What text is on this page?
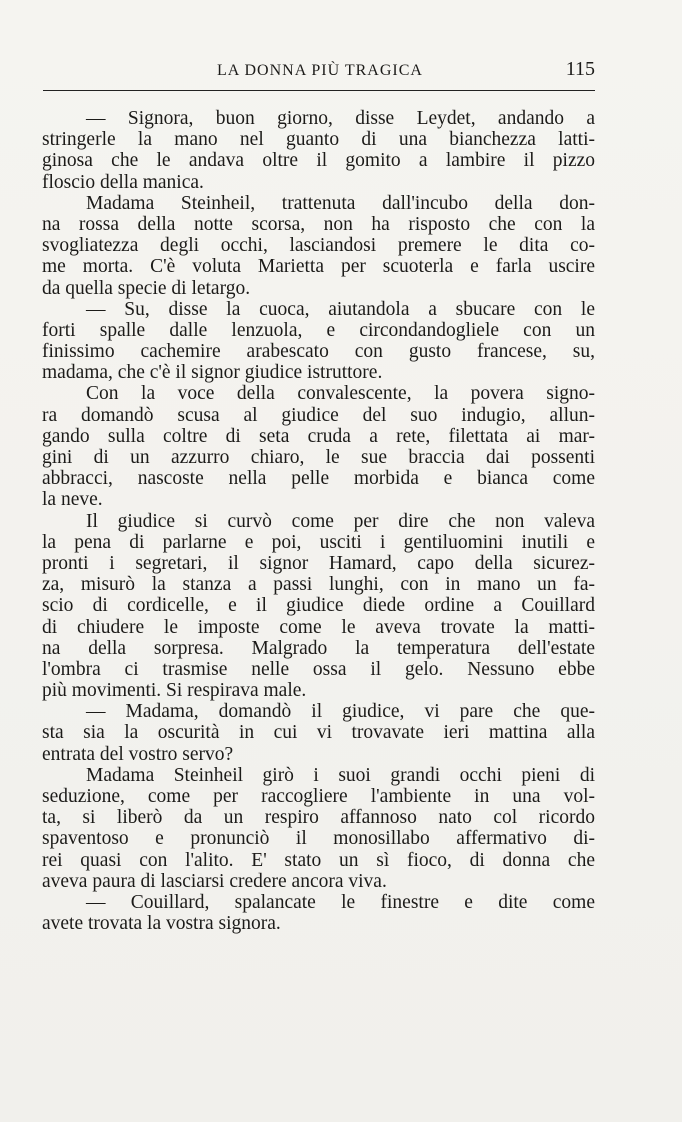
LA DONNA PIÙ TRAGICA	115
— Signora, buon giorno, disse Leydet, andando a
stringerle la mano nel guanto di una bianchezza latti-
ginosa che le andava oltre il gomito a lambire il pizzo
floscio della manica.
Madama Steinheil, trattenuta dall'incubo della don-
na rossa della notte scorsa, non ha risposto che con la
svogliatezza degli occhi, lasciandosi premere le dita co-
me morta. C'è voluta Marietta per scuoterla e farla uscire
da quella specie di letargo.
— Su, disse la cuoca, aiutandola a sbucare con le
forti spalle dalle lenzuola, e circondandogliele con un
finissimo cachemire arabescato con gusto francese, su,
madama, che c'è il signor giudice istruttore.
Con la voce della convalescente, la povera signo-
ra domandò scusa al giudice del suo indugio, allun-
gando sulla coltre di seta cruda a rete, filettata ai mar-
gini di un azzurro chiaro, le sue braccia dai possenti
abbracci, nascoste nella pelle morbida e bianca come
la neve.
Il giudice si curvò come per dire che non valeva
la pena di parlarne e poi, usciti i gentiluomini inutili e
pronti i segretari, il signor Hamard, capo della sicurez-
za, misurò la stanza a passi lunghi, con in mano un fa-
scio di cordicelle, e il giudice diede ordine a Couillard
di chiudere le imposte come le aveva trovate la matti-
na della sorpresa. Malgrado la temperatura dell'estate
l'ombra ci trasmise nelle ossa il gelo. Nessuno ebbe
più movimenti. Si respirava male.
— Madama, domandò il giudice, vi pare che que-
sta sia la oscurità in cui vi trovavate ieri mattina alla
entrata del vostro servo?
Madama Steinheil girò i suoi grandi occhi pieni di
seduzione, come per raccogliere l'ambiente in una vol-
ta, si liberò da un respiro affannoso nato col ricordo
spaventoso e pronunciò il monosillabo affermativo di-
rei quasi con l'alito. E' stato un sì fioco, di donna che
aveva paura di lasciarsi credere ancora viva.
— Couillard, spalancate le finestre e dite come
avete trovata la vostra signora.
